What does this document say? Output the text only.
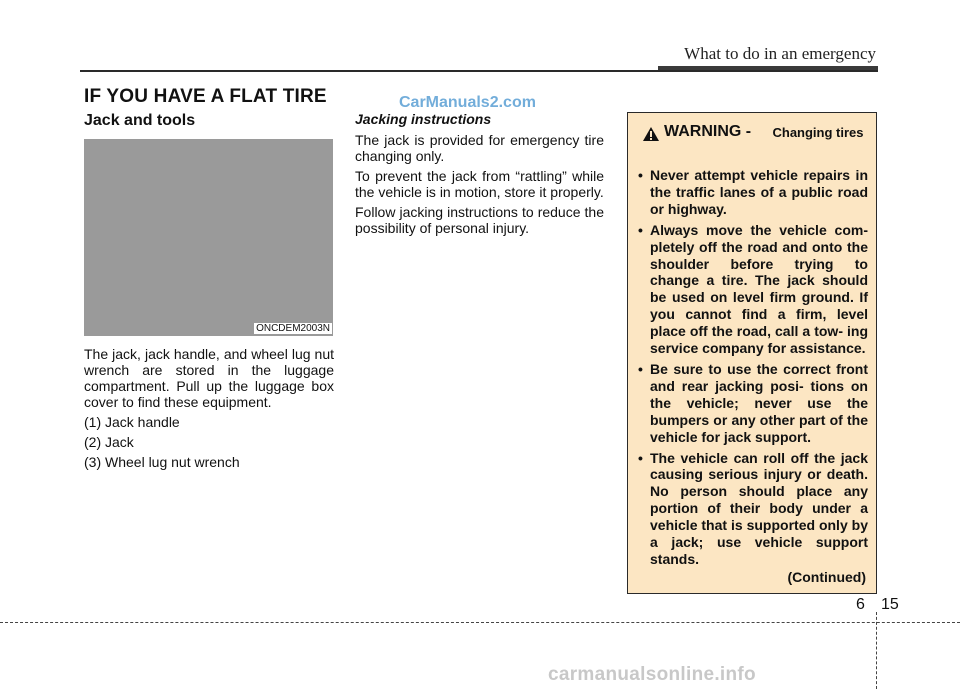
What to do in an emergency
IF YOU HAVE A FLAT TIRE	CarManuals2.com
Jack and tools
ONCDEM2003N

The jack, jack handle, and wheel lug nut wrench are stored in the luggage compartment. Pull up the luggage box cover to find these equipment.

(1) Jack handle
(2) Jack
(3) Wheel lug nut wrench
Jacking instructions

The jack is provided for emergency tire changing only.

To prevent the jack from “rattling” while the vehicle is in motion, store it properly.

Follow jacking instructions to reduce the possibility of personal injury.

WARNING -	Changing tires
• Never attempt vehicle repairs in the traffic lanes of a public road or highway.
• Always move the vehicle com- pletely off the road and onto the shoulder before trying to change a tire. The jack should be used on level firm ground. If you cannot find a firm, level place off the road, call a tow- ing service company for assistance.
• Be sure to use the correct front and rear jacking posi- tions on the vehicle; never use the bumpers or any other part of the vehicle for jack support.
• The vehicle can roll off the jack causing serious injury or death. No person should place any portion of their body under a vehicle that is supported only by a jack; use vehicle support stands.
(Continued)
6 15
carmanualsonline.info
